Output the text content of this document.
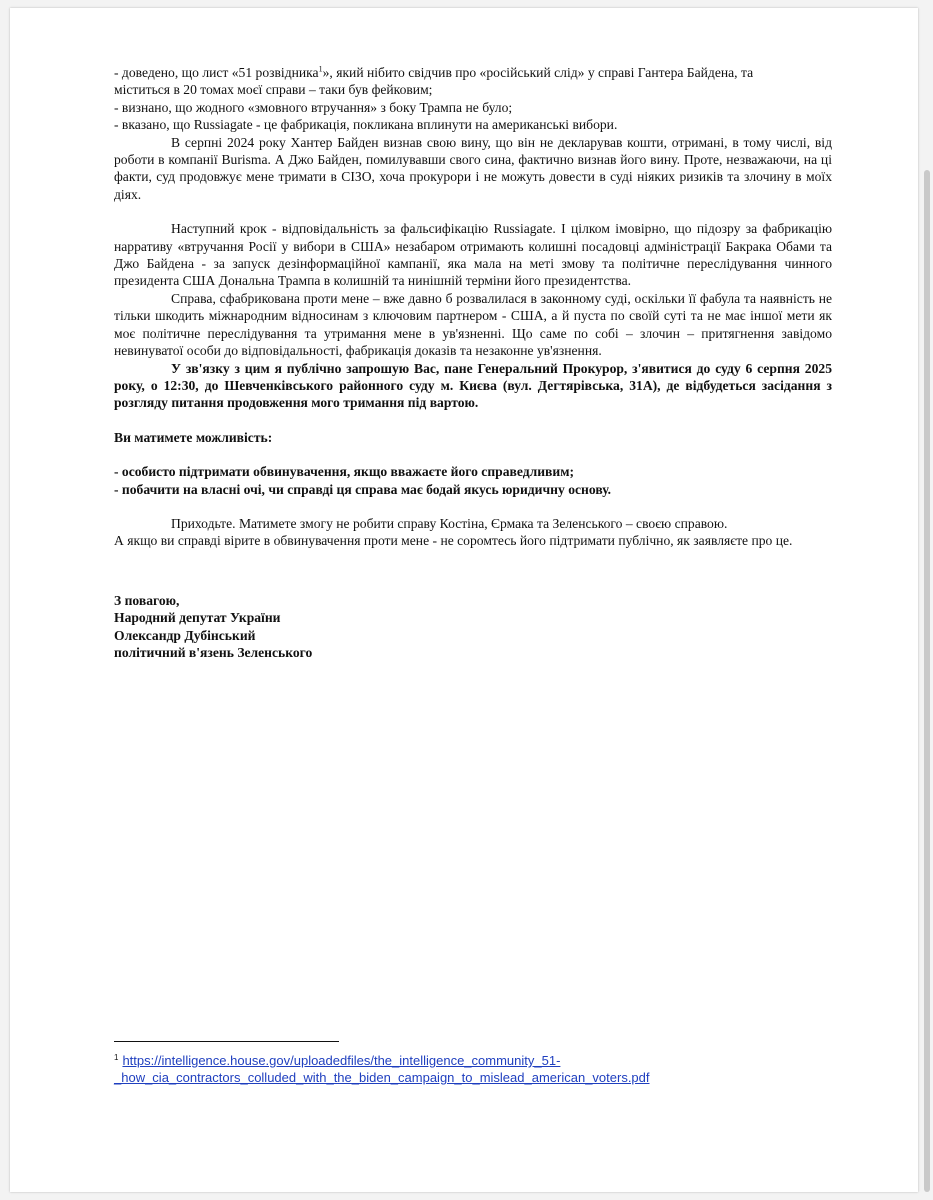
- доведено, що лист «51 розвідника$^1$», який нібито свідчив про «російський слід» у справі Гантера Байдена, та

міститься в 20 томах моєї справи – таки був фейковим;

- визнано, що жодного «змовного втручання» з боку Трампа не було;

- вказано, що Russiagate - це фабрикація, покликана вплинути на американські вибори.

В серпні 2024 року Хантер Байден визнав свою вину, що він не декларував кошти, отримані, в тому числі, від роботи в компанії Burisma. А Джо Байден, помилувавши свого сина, фактично визнав його вину. Проте, незважаючи, на ці факти, суд продовжує мене тримати в СІЗО, хоча прокурори і не можуть довести в суді ніяких ризиків та злочину в моїх діях.

Наступний крок - відповідальність за фальсифікацію Russiagate. І цілком імовірно, що підозру за фабрикацію нарративу «втручання Росії у вибори в США» незабаром отримають колишні посадовці адміністрації Бакрака Обами та Джо Байдена - за запуск дезінформаційної кампанії, яка мала на меті змову та політичне переслідування чинного президента США Дональна Трампа в колишній та нинішній терміни його президентства.

Справа, сфабрикована проти мене – вже давно б розвалилася в законному суді, оскільки її фабула та наявність не тільки шкодить міжнародним відносинам з ключовим партнером - США, а й пуста по своїй суті та не має іншої мети як моє політичне переслідування та утримання мене в ув'язненні. Що саме по собі – злочин – притягнення завідомо невинуватої особи до відповідальності, фабрикація доказів та незаконне ув'язнення.

У зв'язку з цим я публічно запрошую Вас, пане Генеральний Прокурор, з'явитися до суду 6 серпня 2025 року, о 12:30, до Шевченківського районного суду м. Києва (вул. Дегтярівська, 31А), де відбудеться засідання з розгляду питання продовження мого тримання під вартою.

Ви матимете можливість:

- особисто підтримати обвинувачення, якщо вважаєте його справедливим;

- побачити на власні очі, чи справді ця справа має бодай якусь юридичну основу.

Приходьте. Матимете змогу не робити справу Костіна, Єрмака та Зеленського – своєю справою.

А якщо ви справді вірите в обвинувачення проти мене - не соромтесь його підтримати публічно, як заявляєте про це.

З повагою,

Народний депутат України

Олександр Дубінський

політичний в'язень Зеленського

$^1$ https://intelligence.house.gov/uploadedfiles/the_intelligence_community_51-
_how_cia_contractors_colluded_with_the_biden_campaign_to_mislead_american_voters.pdf
